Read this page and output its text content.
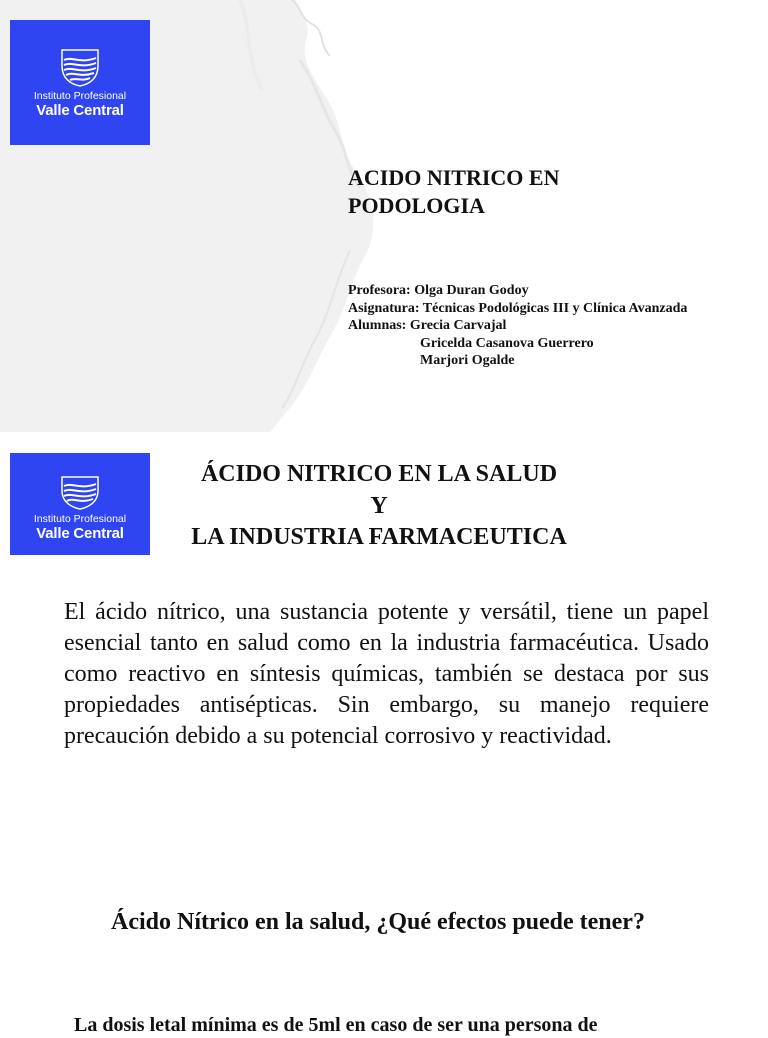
Instituto Profesional
Valle Central
ACIDO NITRICO EN PODOLOGIA
Profesora: Olga Duran Godoy
Asignatura: Técnicas Podológicas III y Clínica Avanzada
Alumnas: Grecia Carvajal
Gricelda Casanova Guerrero
Marjori Ogalde
Instituto Profesional
Valle Central
ÁCIDO NITRICO EN LA SALUD
Y
LA INDUSTRIA FARMACEUTICA

El ácido nítrico, una sustancia potente y versátil, tiene un papel esencial tanto en salud como en la industria farmacéutica. Usado como reactivo en síntesis químicas, también se destaca por sus propiedades antisépticas. Sin embargo, su manejo requiere precaución debido a su potencial corrosivo y reactividad.

Ácido Nítrico en la salud, ¿Qué efectos puede tener?

La dosis letal mínima es de 5ml en caso de ser una persona de
